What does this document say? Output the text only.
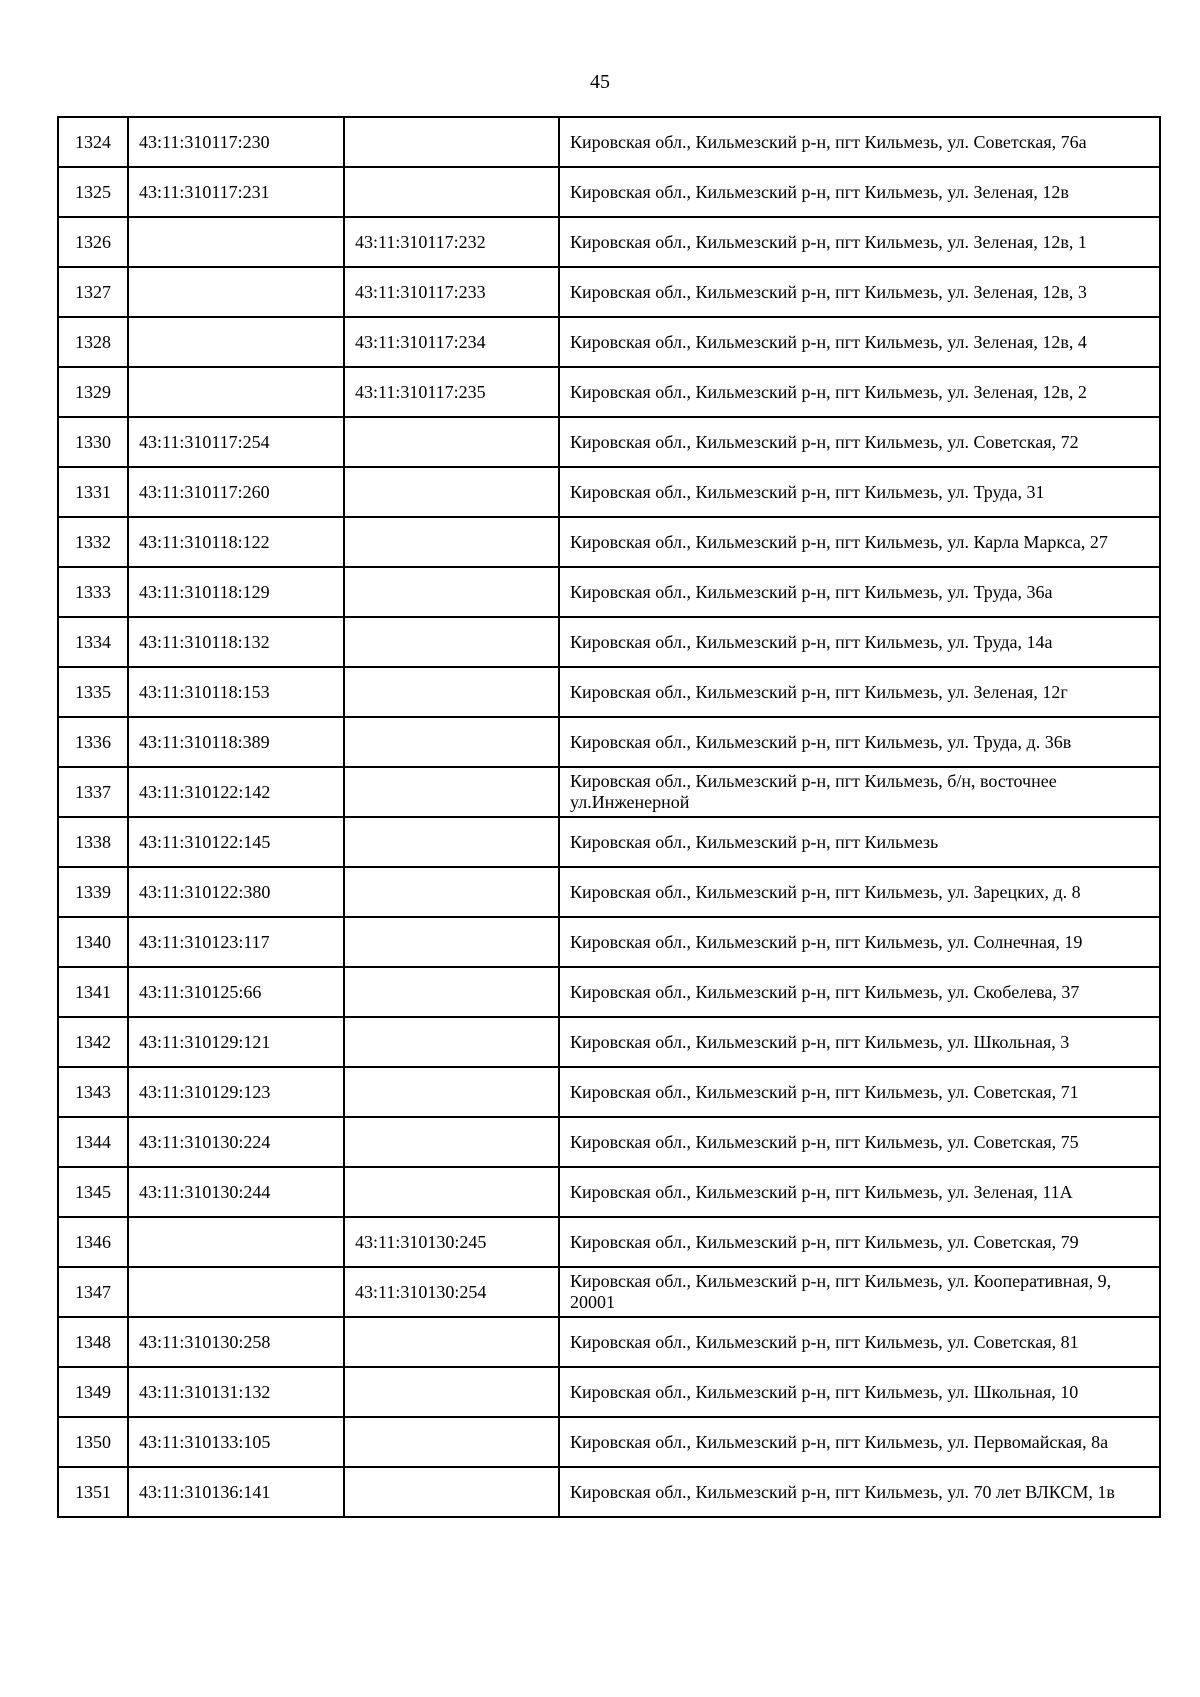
45
1324	43:11:310117:230		Кировская обл., Кильмезский р-н, пгт Кильмезь, ул. Советская, 76а
1325	43:11:310117:231		Кировская обл., Кильмезский р-н, пгт Кильмезь, ул. Зеленая, 12в
1326		43:11:310117:232	Кировская обл., Кильмезский р-н, пгт Кильмезь, ул. Зеленая, 12в, 1
1327		43:11:310117:233	Кировская обл., Кильмезский р-н, пгт Кильмезь, ул. Зеленая, 12в, 3
1328		43:11:310117:234	Кировская обл., Кильмезский р-н, пгт Кильмезь, ул. Зеленая, 12в, 4
1329		43:11:310117:235	Кировская обл., Кильмезский р-н, пгт Кильмезь, ул. Зеленая, 12в, 2
1330	43:11:310117:254		Кировская обл., Кильмезский р-н, пгт Кильмезь, ул. Советская, 72
1331	43:11:310117:260		Кировская обл., Кильмезский р-н, пгт Кильмезь, ул. Труда, 31
1332	43:11:310118:122		Кировская обл., Кильмезский р-н, пгт Кильмезь, ул. Карла Маркса, 27
1333	43:11:310118:129		Кировская обл., Кильмезский р-н, пгт Кильмезь, ул. Труда, 36а
1334	43:11:310118:132		Кировская обл., Кильмезский р-н, пгт Кильмезь, ул. Труда, 14а
1335	43:11:310118:153		Кировская обл., Кильмезский р-н, пгт Кильмезь, ул. Зеленая, 12г
1336	43:11:310118:389		Кировская обл., Кильмезский р-н, пгт Кильмезь, ул. Труда, д. 36в
1337	43:11:310122:142		Кировская обл., Кильмезский р-н, пгт Кильмезь, б/н, восточнее ул.Инженерной
1338	43:11:310122:145		Кировская обл., Кильмезский р-н, пгт Кильмезь
1339	43:11:310122:380		Кировская обл., Кильмезский р-н, пгт Кильмезь, ул. Зарецких, д. 8
1340	43:11:310123:117		Кировская обл., Кильмезский р-н, пгт Кильмезь, ул. Солнечная, 19
1341	43:11:310125:66		Кировская обл., Кильмезский р-н, пгт Кильмезь, ул. Скобелева, 37
1342	43:11:310129:121		Кировская обл., Кильмезский р-н, пгт Кильмезь, ул. Школьная, 3
1343	43:11:310129:123		Кировская обл., Кильмезский р-н, пгт Кильмезь, ул. Советская, 71
1344	43:11:310130:224		Кировская обл., Кильмезский р-н, пгт Кильмезь, ул. Советская, 75
1345	43:11:310130:244		Кировская обл., Кильмезский р-н, пгт Кильмезь, ул. Зеленая, 11А
1346		43:11:310130:245	Кировская обл., Кильмезский р-н, пгт Кильмезь, ул. Советская, 79
1347		43:11:310130:254	Кировская обл., Кильмезский р-н, пгт Кильмезь, ул. Кооперативная, 9, 20001
1348	43:11:310130:258		Кировская обл., Кильмезский р-н, пгт Кильмезь, ул. Советская, 81
1349	43:11:310131:132		Кировская обл., Кильмезский р-н, пгт Кильмезь, ул. Школьная, 10
1350	43:11:310133:105		Кировская обл., Кильмезский р-н, пгт Кильмезь, ул. Первомайская, 8а
1351	43:11:310136:141		Кировская обл., Кильмезский р-н, пгт Кильмезь, ул. 70 лет ВЛКСМ, 1в
